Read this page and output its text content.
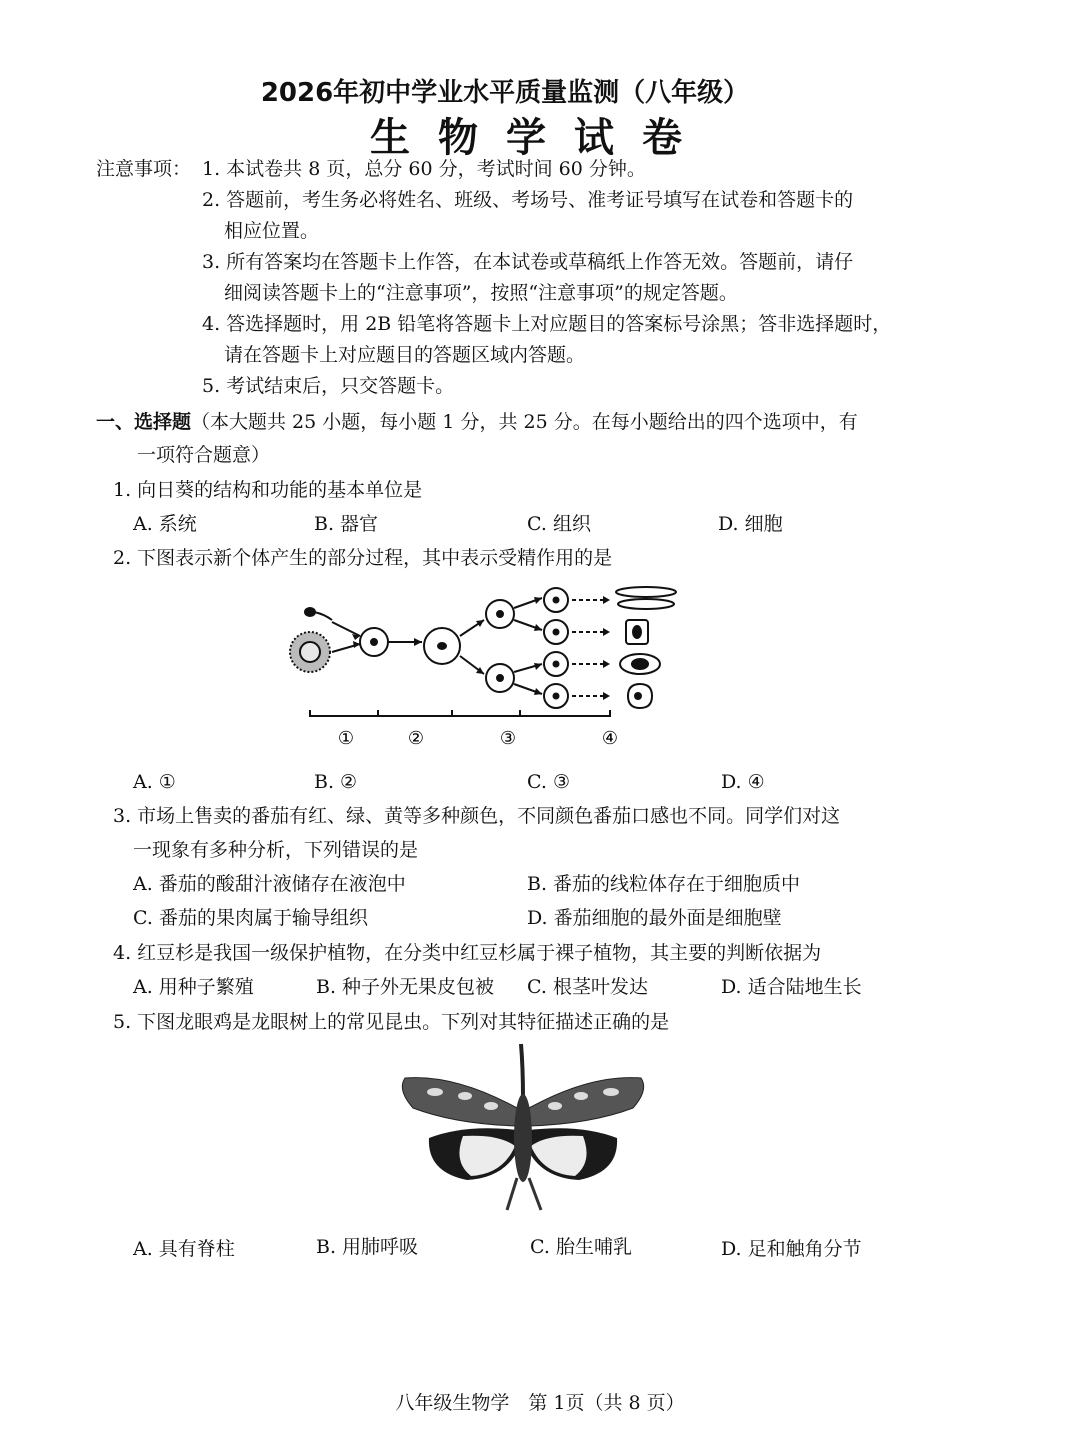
2026年初中学业水平质量监测（八年级）
生物学试卷
注意事项： 1. 本试卷共 8 页，总分 60 分，考试时间 60 分钟。
2. 答题前，考生务必将姓名、班级、考场号、准考证号填写在试卷和答题卡的
相应位置。
3. 所有答案均在答题卡上作答，在本试卷或草稿纸上作答无效。答题前，请仔
细阅读答题卡上的“注意事项”，按照“注意事项”的规定答题。
4. 答选择题时，用 2B 铅笔将答题卡上对应题目的答案标号涂黑；答非选择题时，
请在答题卡上对应题目的答题区域内答题。
5. 考试结束后，只交答题卡。
一、选择题（本大题共 25 小题，每小题 1 分，共 25 分。在每小题给出的四个选项中，有
一项符合题意）
1. 向日葵的结构和功能的基本单位是
A. 系统	B. 器官	C. 组织	D. 细胞
2. 下图表示新个体产生的部分过程，其中表示受精作用的是
①	②	③	④
A. ①	B. ②	C. ③	D. ④
3. 市场上售卖的番茄有红、绿、黄等多种颜色，不同颜色番茄口感也不同。同学们对这
一现象有多种分析，下列错误的是
A. 番茄的酸甜汁液储存在液泡中	B. 番茄的线粒体存在于细胞质中
C. 番茄的果肉属于输导组织	D. 番茄细胞的最外面是细胞壁
4. 红豆杉是我国一级保护植物，在分类中红豆杉属于裸子植物，其主要的判断依据为
A. 用种子繁殖	B. 种子外无果皮包被 C. 根茎叶发达	D. 适合陆地生长
5. 下图龙眼鸡是龙眼树上的常见昆虫。下列对其特征描述正确的是
A. 具有脊柱	B. 用肺呼吸	C. 胎生哺乳	D. 足和触角分节
八年级生物学　第 1页（共 8 页）
